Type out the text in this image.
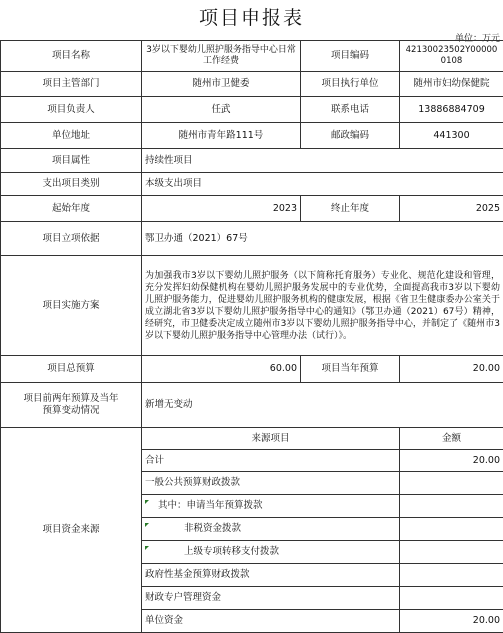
项目申报表
单位：万元
项目名称	3岁以下婴幼儿照护服务指导中心日常工作经费	项目编码	42130023502Y000000108
项目主管部门	随州市卫健委	项目执行单位	随州市妇幼保健院
项目负责人	任武	联系电话	13886884709
单位地址	随州市青年路111号	邮政编码	441300
项目属性	持续性项目		
支出项目类别	本级支出项目		
起始年度	2023	终止年度	2025
项目立项依据	鄂卫办通（2021）67号		
项目实施方案	为加强我市3岁以下婴幼儿照护服务（以下简称托育服务）专业化、规范化建设和管理，充分发挥妇幼保健机构在婴幼儿照护服务发展中的专业优势，全面提高我市3岁以下婴幼儿照护服务能力，促进婴幼儿照护服务机构的健康发展，根据《省卫生健康委办公室关于成立湖北省3岁以下婴幼儿照护服务指导中心的通知》（鄂卫办通（2021）67号）精神，经研究，市卫健委决定成立随州市3岁以下婴幼儿照护服务指导中心，并制定了《随州市3岁以下婴幼儿照护服务指导中心管理办法（试行）》。		
项目总预算	60.00	项目当年预算	20.00
项目前两年预算及当年预算变动情况	新增无变动		
项目资金来源	来源项目		金额
	合计		20.00
	一般公共预算财政拨款		
	其中：申请当年预算拨款		
	非税资金拨款		
	上级专项转移支付拨款		
	政府性基金预算财政拨款		
	财政专户管理资金		
	单位资金		20.00
